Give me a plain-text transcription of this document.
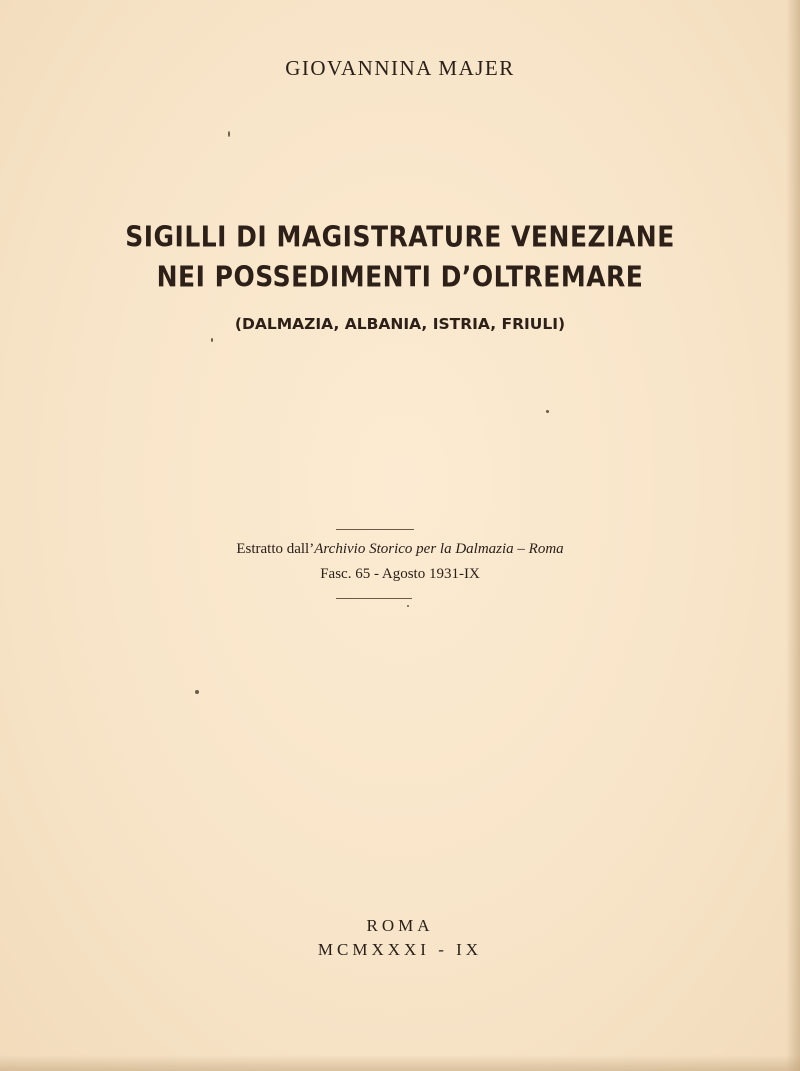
GIOVANNINA MAJER
SIGILLI DI MAGISTRATURE VENEZIANE
NEI POSSEDIMENTI D’OLTREMARE
(DALMAZIA, ALBANIA, ISTRIA, FRIULI)
Estratto dall’Archivio Storico per la Dalmazia – Roma
Fasc. 65 - Agosto 1931-IX
ROMA
MCMXXXI - IX
